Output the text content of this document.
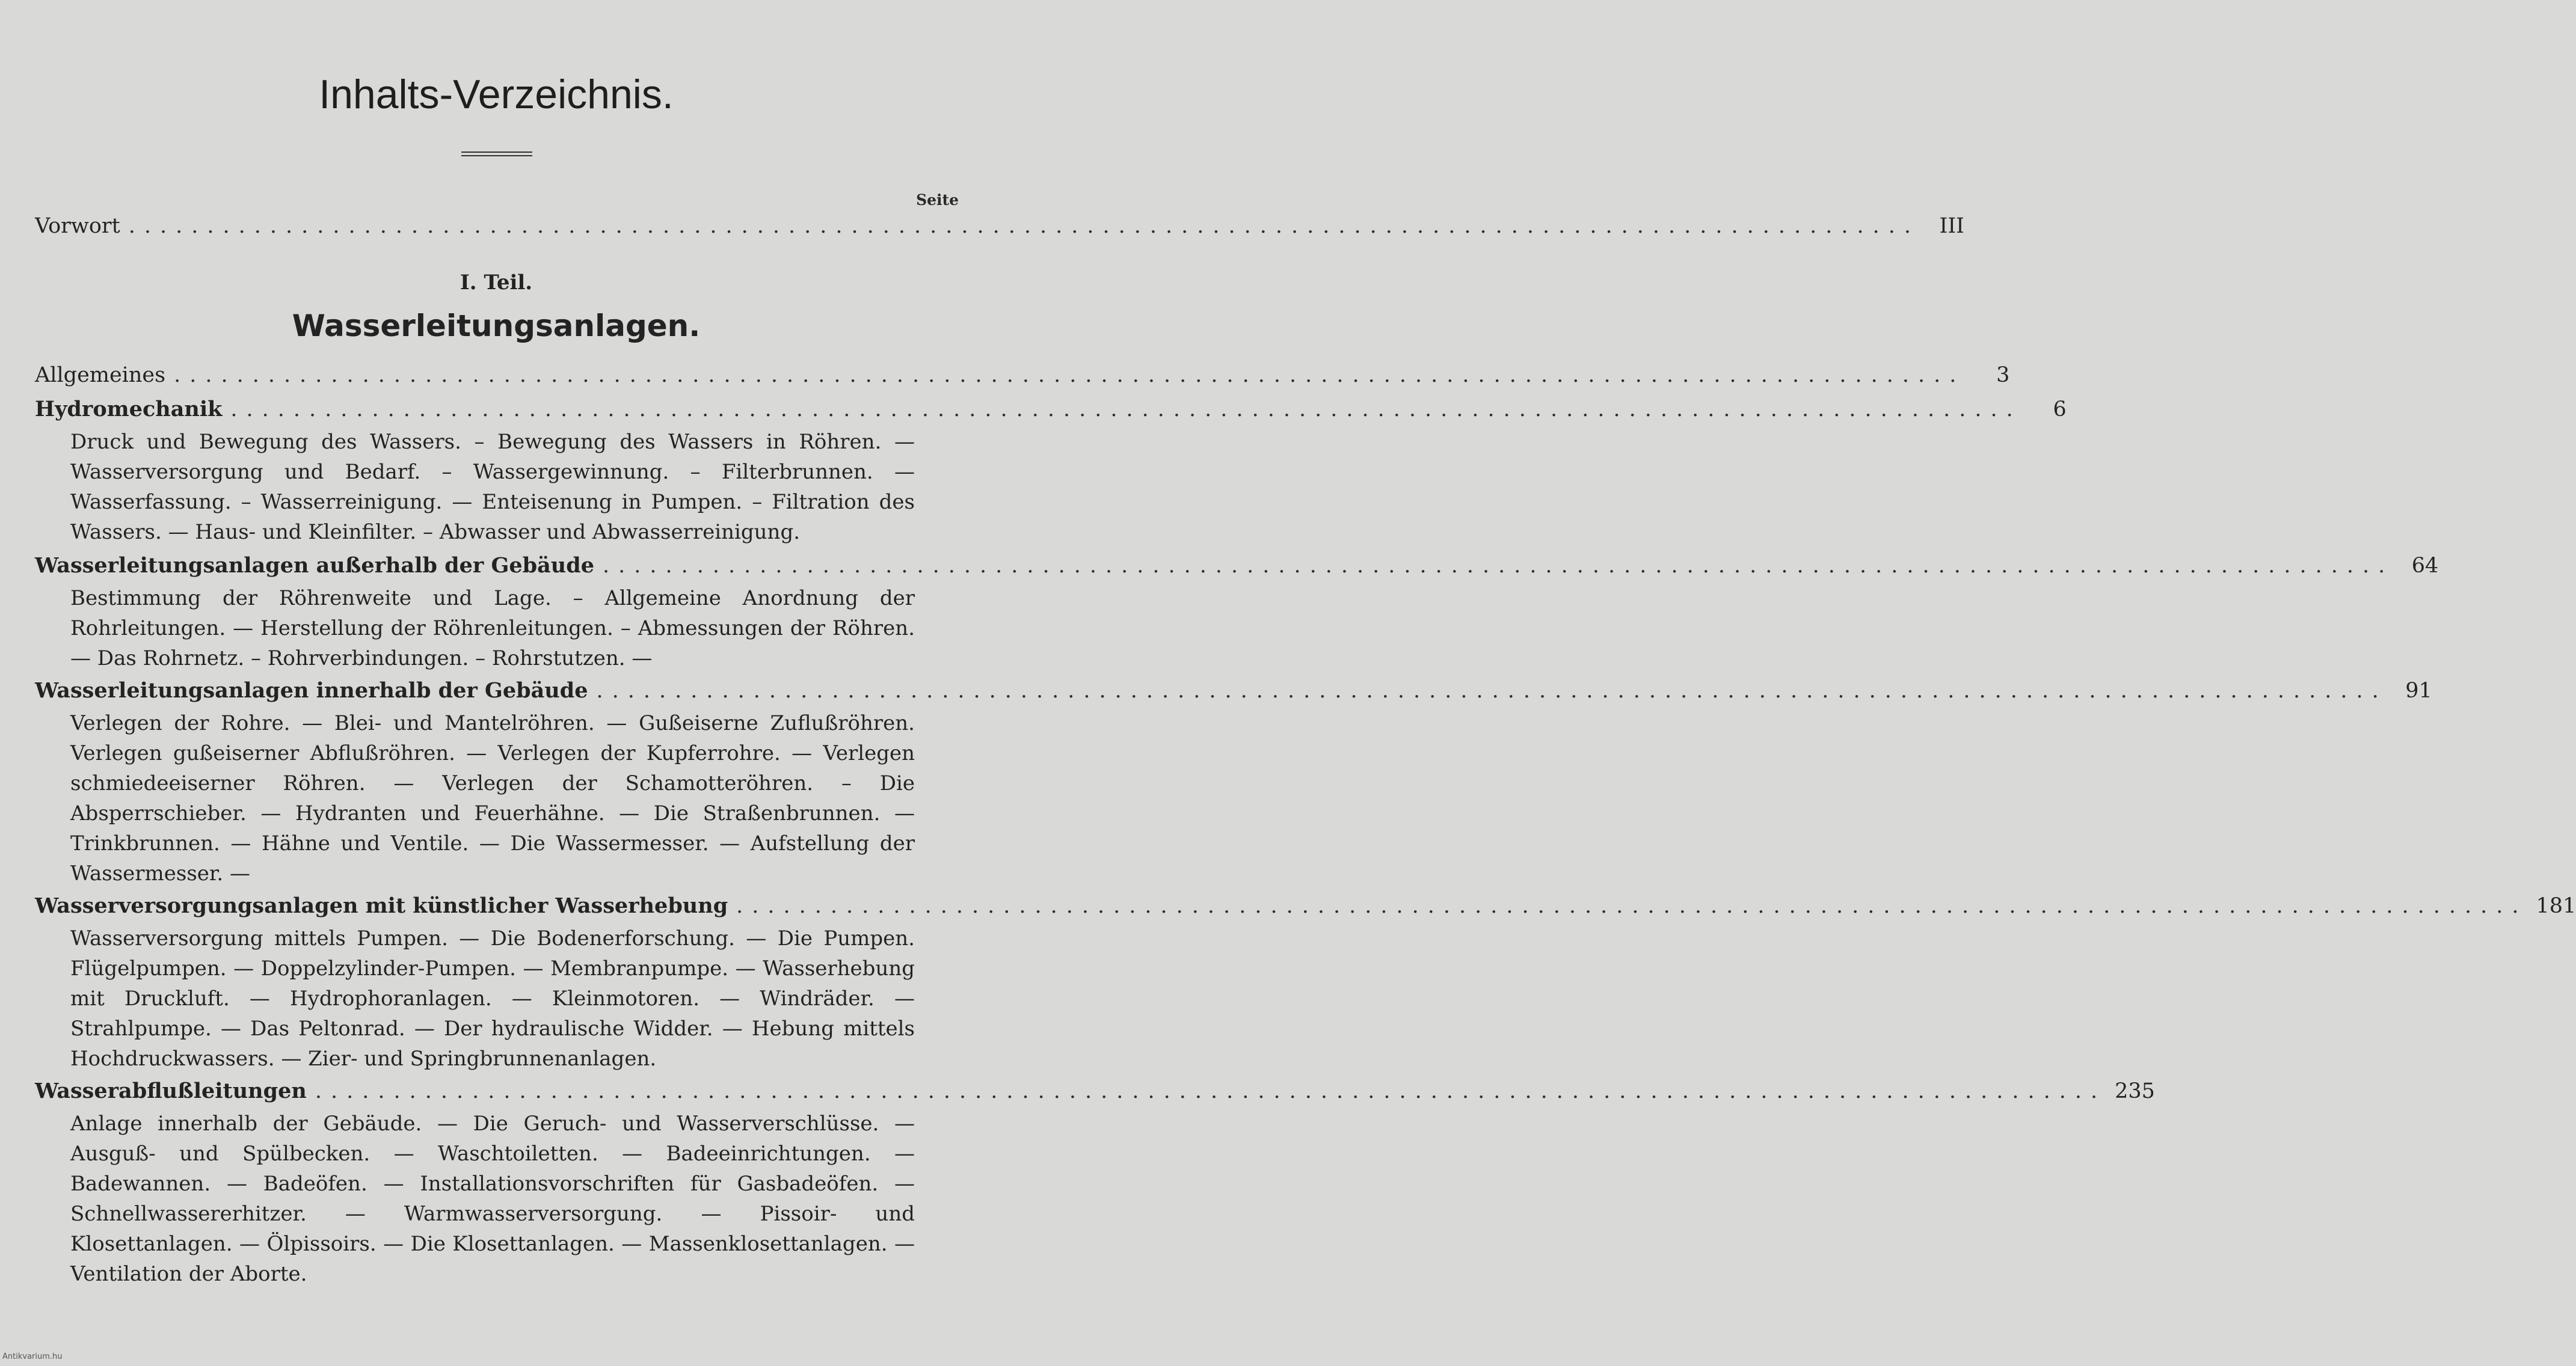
Inhalts-Verzeichnis.
Seite
Vorwort .................................................................................................................. III
I. Teil.
Wasserleitungsanlagen.
Allgemeines ..................................................................................................................	3
Hydromechanik ..................................................................................................................	6
Druck und Bewegung des Wassers. – Bewegung des Wassers in Röhren. — Wasserversorgung und Bedarf. – Wassergewinnung. – Filterbrunnen. — Wasserfassung. – Wasserreinigung. — Enteisenung in Pumpen. – Filtration des Wassers. — Haus- und Kleinfilter. – Abwasser und Abwasserreinigung.
Wasserleitungsanlagen außerhalb der Gebäude .................................................................................................................. 64
Bestimmung der Röhrenweite und Lage. – Allgemeine Anordnung der Rohrleitungen. — Herstellung der Röhrenleitungen. – Abmessungen der Röhren. — Das Rohrnetz. – Rohrverbindungen. – Rohrstutzen. —
Wasserleitungsanlagen innerhalb der Gebäude .................................................................................................................. 91
Verlegen der Rohre. — Blei- und Mantelröhren. — Gußeiserne Zuflußröhren. Verlegen gußeiserner Abflußröhren. — Verlegen der Kupferrohre. — Verlegen schmiedeeiserner Röhren. — Verlegen der Schamotteröhren. – Die Absperrschieber. — Hydranten und Feuerhähne. — Die Straßenbrunnen. — Trinkbrunnen. — Hähne und Ventile. — Die Wassermesser. — Aufstellung der Wassermesser. —
Wasserversorgungsanlagen mit künstlicher Wasserhebung .................................................................................................................. 181
Wasserversorgung mittels Pumpen. — Die Bodenerforschung. — Die Pumpen. Flügelpumpen. — Doppelzylinder-Pumpen. — Membranpumpe. — Wasserhebung mit Druckluft. — Hydrophoranlagen. — Kleinmotoren. — Windräder. — Strahlpumpe. — Das Peltonrad. — Der hydraulische Widder. — Hebung mittels Hochdruckwassers. — Zier- und Springbrunnenanlagen.
Wasserabflußleitungen .................................................................................................................. 235
Anlage innerhalb der Gebäude. — Die Geruch- und Wasserverschlüsse. — Ausguß- und Spülbecken. — Waschtoiletten. — Badeeinrichtungen. — Badewannen. — Badeöfen. — Installationsvorschriften für Gasbadeöfen. — Schnellwassererhitzer. — Warmwasserversorgung. — Pissoir- und Klosettanlagen. — Ölpissoirs. — Die Klosettanlagen. — Massenklosettanlagen. — Ventilation der Aborte.
Antikvarium.hu
